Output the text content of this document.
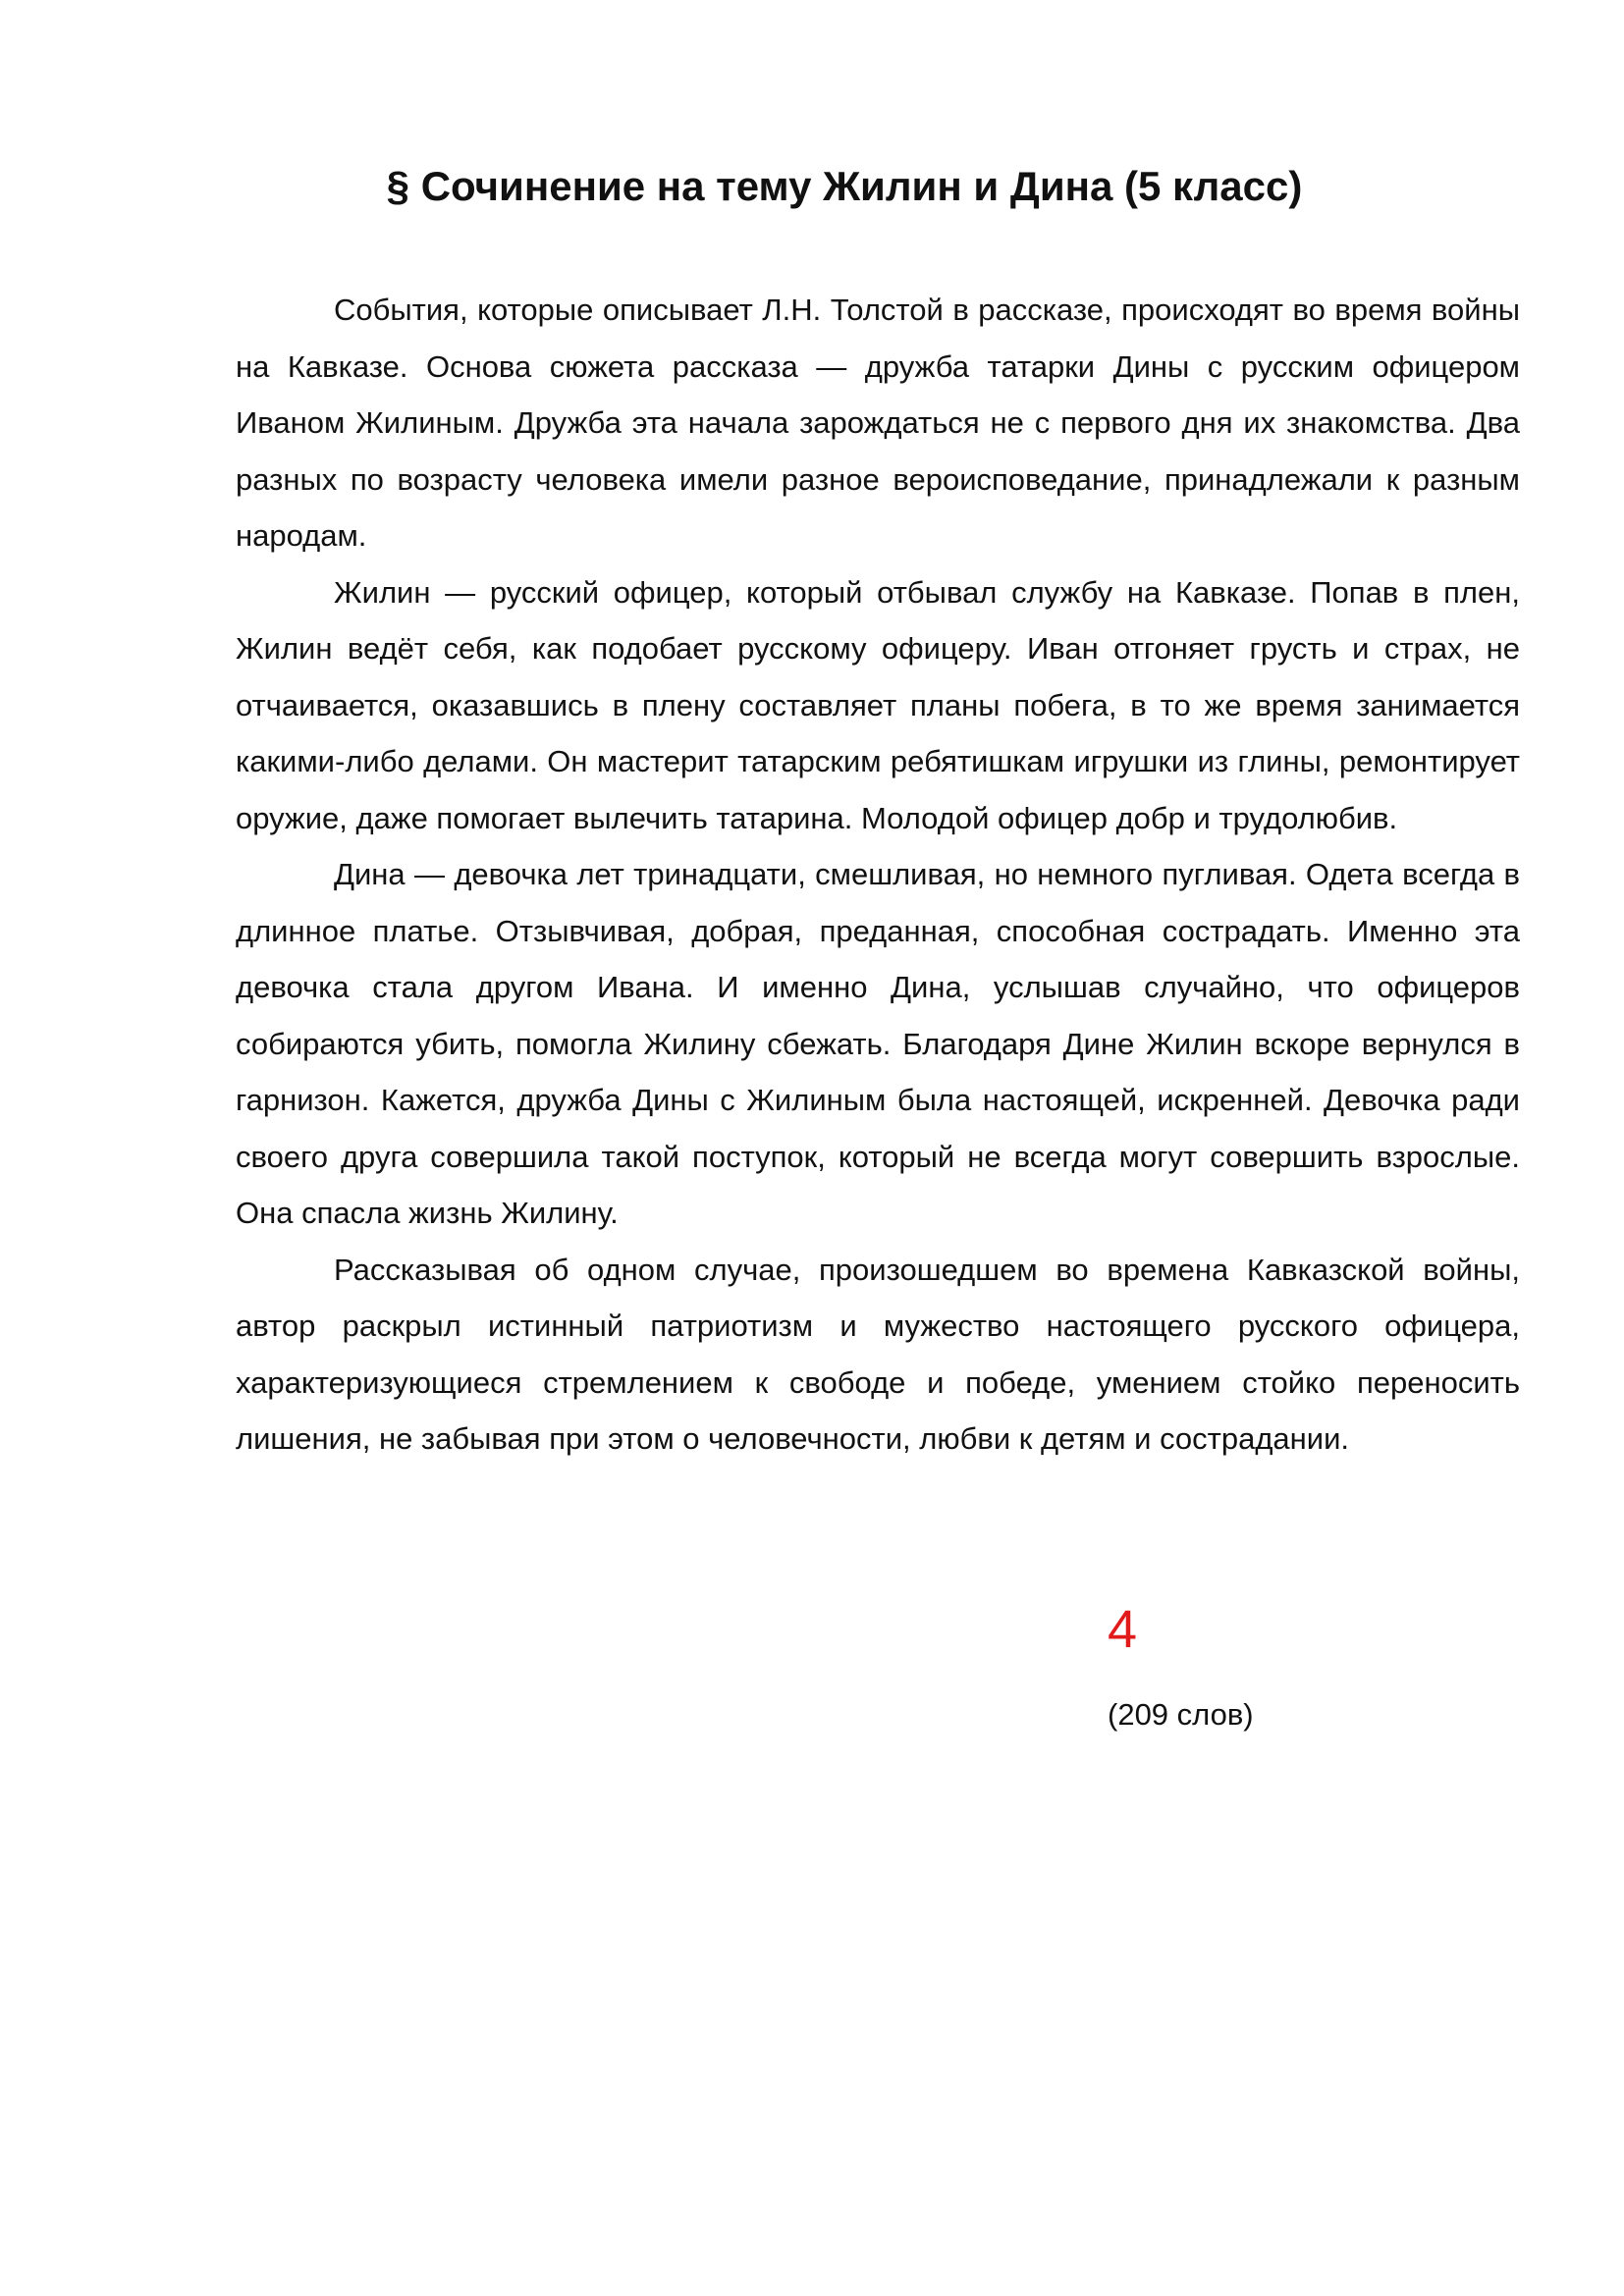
§ Сочинение на тему Жилин и Дина (5 класс)

События, которые описывает Л.Н. Толстой в рассказе, происходят во время войны на Кавказе. Основа сюжета рассказа — дружба татарки Дины с русским офицером Иваном Жилиным. Дружба эта начала зарождаться не с первого дня их знакомства. Два разных по возрасту человека имели разное вероисповедание, принадлежали к разным народам.

Жилин — русский офицер, который отбывал службу на Кавказе. Попав в плен, Жилин ведёт себя, как подобает русскому офицеру. Иван отгоняет грусть и страх, не отчаивается, оказавшись в плену составляет планы побега, в то же время занимается какими-либо делами. Он мастерит татарским ребятишкам игрушки из глины, ремонтирует оружие, даже помогает вылечить татарина. Молодой офицер добр и трудолюбив.

Дина — девочка лет тринадцати, смешливая, но немного пугливая. Одета всегда в длинное платье. Отзывчивая, добрая, преданная, способная сострадать. Именно эта девочка стала другом Ивана. И именно Дина, услышав случайно, что офицеров собираются убить, помогла Жилину сбежать. Благодаря Дине Жилин вскоре вернулся в гарнизон. Кажется, дружба Дины с Жилиным была настоящей, искренней. Девочка ради своего друга совершила такой поступок, который не всегда могут совершить взрослые. Она спасла жизнь Жилину.

Рассказывая об одном случае, произошедшем во времена Кавказской войны, автор раскрыл истинный патриотизм и мужество настоящего русского офицера, характеризующиеся стремлением к свободе и победе, умением стойко переносить лишения, не забывая при этом о человечности, любви к детям и сострадании.

4
(209 слов)
